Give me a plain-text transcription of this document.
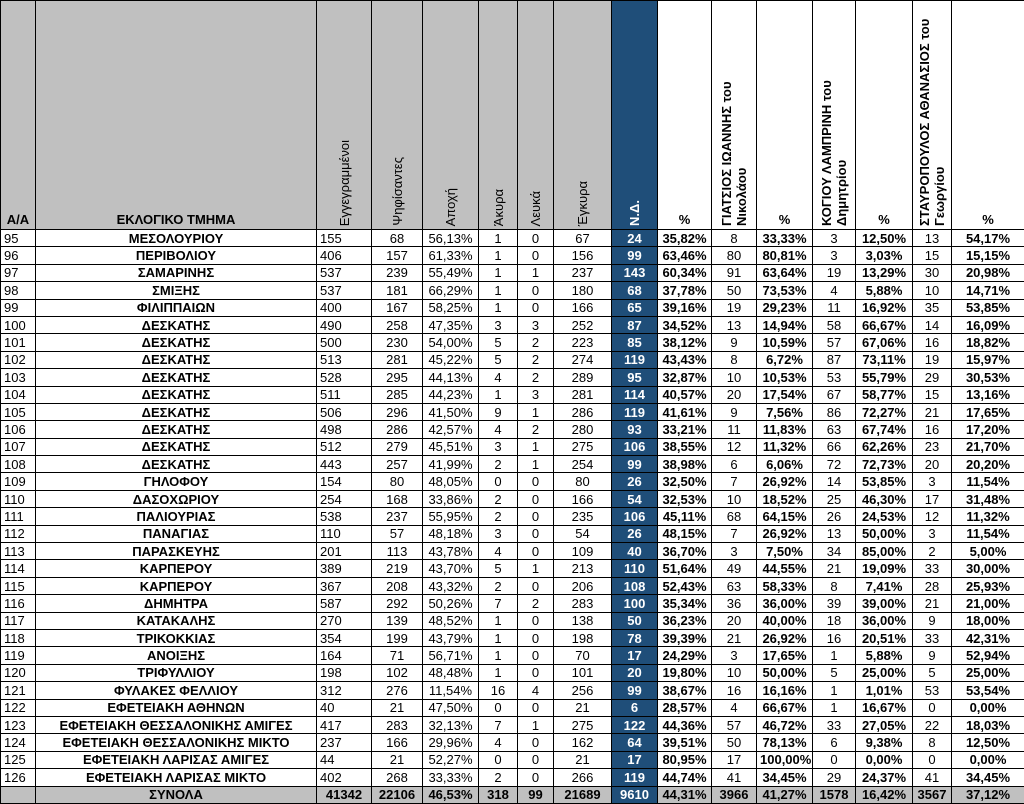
Α/Α	ΕΚΛΟΓΙΚΟ ΤΜΗΜΑ	Εγγεγραμμένοι	Ψηφίσαντες	Αποχή	Άκυρα	Λευκά	Έγκυρα	Ν.Δ.	%	ΓΙΑΤΣΙΟΣ ΙΩΑΝΝΗΣ του Νικολάου	%	ΚΟΓΙΟΥ ΛΑΜΠΡΙΝΗ του Δημητρίου	%	ΣΤΑΥΡΟΠΟΥΛΟΣ ΑΘΑΝΑΣΙΟΣ του Γεωργίου	%
95	ΜΕΣΟΛΟΥΡΙΟΥ	155	68	56,13%	1	0	67	24	35,82%	8	33,33%	3	12,50%	13	54,17%
96	ΠΕΡΙΒΟΛΙΟΥ	406	157	61,33%	1	0	156	99	63,46%	80	80,81%	3	3,03%	15	15,15%
97	ΣΑΜΑΡΙΝΗΣ	537	239	55,49%	1	1	237	143	60,34%	91	63,64%	19	13,29%	30	20,98%
98	ΣΜΙΞΗΣ	537	181	66,29%	1	0	180	68	37,78%	50	73,53%	4	5,88%	10	14,71%
99	ΦΙΛΙΠΠΑΙΩΝ	400	167	58,25%	1	0	166	65	39,16%	19	29,23%	11	16,92%	35	53,85%
100	ΔΕΣΚΑΤΗΣ	490	258	47,35%	3	3	252	87	34,52%	13	14,94%	58	66,67%	14	16,09%
101	ΔΕΣΚΑΤΗΣ	500	230	54,00%	5	2	223	85	38,12%	9	10,59%	57	67,06%	16	18,82%
102	ΔΕΣΚΑΤΗΣ	513	281	45,22%	5	2	274	119	43,43%	8	6,72%	87	73,11%	19	15,97%
103	ΔΕΣΚΑΤΗΣ	528	295	44,13%	4	2	289	95	32,87%	10	10,53%	53	55,79%	29	30,53%
104	ΔΕΣΚΑΤΗΣ	511	285	44,23%	1	3	281	114	40,57%	20	17,54%	67	58,77%	15	13,16%
105	ΔΕΣΚΑΤΗΣ	506	296	41,50%	9	1	286	119	41,61%	9	7,56%	86	72,27%	21	17,65%
106	ΔΕΣΚΑΤΗΣ	498	286	42,57%	4	2	280	93	33,21%	11	11,83%	63	67,74%	16	17,20%
107	ΔΕΣΚΑΤΗΣ	512	279	45,51%	3	1	275	106	38,55%	12	11,32%	66	62,26%	23	21,70%
108	ΔΕΣΚΑΤΗΣ	443	257	41,99%	2	1	254	99	38,98%	6	6,06%	72	72,73%	20	20,20%
109	ΓΗΛΟΦΟΥ	154	80	48,05%	0	0	80	26	32,50%	7	26,92%	14	53,85%	3	11,54%
110	ΔΑΣΟΧΩΡΙΟΥ	254	168	33,86%	2	0	166	54	32,53%	10	18,52%	25	46,30%	17	31,48%
111	ΠΑΛΙΟΥΡΙΑΣ	538	237	55,95%	2	0	235	106	45,11%	68	64,15%	26	24,53%	12	11,32%
112	ΠΑΝΑΓΙΑΣ	110	57	48,18%	3	0	54	26	48,15%	7	26,92%	13	50,00%	3	11,54%
113	ΠΑΡΑΣΚΕΥΗΣ	201	113	43,78%	4	0	109	40	36,70%	3	7,50%	34	85,00%	2	5,00%
114	ΚΑΡΠΕΡΟΥ	389	219	43,70%	5	1	213	110	51,64%	49	44,55%	21	19,09%	33	30,00%
115	ΚΑΡΠΕΡΟΥ	367	208	43,32%	2	0	206	108	52,43%	63	58,33%	8	7,41%	28	25,93%
116	ΔΗΜΗΤΡΑ	587	292	50,26%	7	2	283	100	35,34%	36	36,00%	39	39,00%	21	21,00%
117	ΚΑΤΑΚΑΛΗΣ	270	139	48,52%	1	0	138	50	36,23%	20	40,00%	18	36,00%	9	18,00%
118	ΤΡΙΚΟΚΚΙΑΣ	354	199	43,79%	1	0	198	78	39,39%	21	26,92%	16	20,51%	33	42,31%
119	ΑΝΟΙΞΗΣ	164	71	56,71%	1	0	70	17	24,29%	3	17,65%	1	5,88%	9	52,94%
120	ΤΡΙΦΥΛΛΙΟΥ	198	102	48,48%	1	0	101	20	19,80%	10	50,00%	5	25,00%	5	25,00%
121	ΦΥΛΑΚΕΣ ΦΕΛΛΙΟΥ	312	276	11,54%	16	4	256	99	38,67%	16	16,16%	1	1,01%	53	53,54%
122	ΕΦΕΤΕΙΑΚΗ ΑΘΗΝΩΝ	40	21	47,50%	0	0	21	6	28,57%	4	66,67%	1	16,67%	0	0,00%
123	ΕΦΕΤΕΙΑΚΗ ΘΕΣΣΑΛΟΝΙΚΗΣ ΑΜΙΓΕΣ	417	283	32,13%	7	1	275	122	44,36%	57	46,72%	33	27,05%	22	18,03%
124	ΕΦΕΤΕΙΑΚΗ ΘΕΣΣΑΛΟΝΙΚΗΣ ΜΙΚΤΟ	237	166	29,96%	4	0	162	64	39,51%	50	78,13%	6	9,38%	8	12,50%
125	ΕΦΕΤΕΙΑΚΗ ΛΑΡΙΣΑΣ ΑΜΙΓΕΣ	44	21	52,27%	0	0	21	17	80,95%	17	100,00%	0	0,00%	0	0,00%
126	ΕΦΕΤΕΙΑΚΗ ΛΑΡΙΣΑΣ ΜΙΚΤΟ	402	268	33,33%	2	0	266	119	44,74%	41	34,45%	29	24,37%	41	34,45%
	ΣΥΝΟΛΑ	41342	22106	46,53%	318	99	21689	9610	44,31%	3966	41,27%	1578	16,42%	3567	37,12%
